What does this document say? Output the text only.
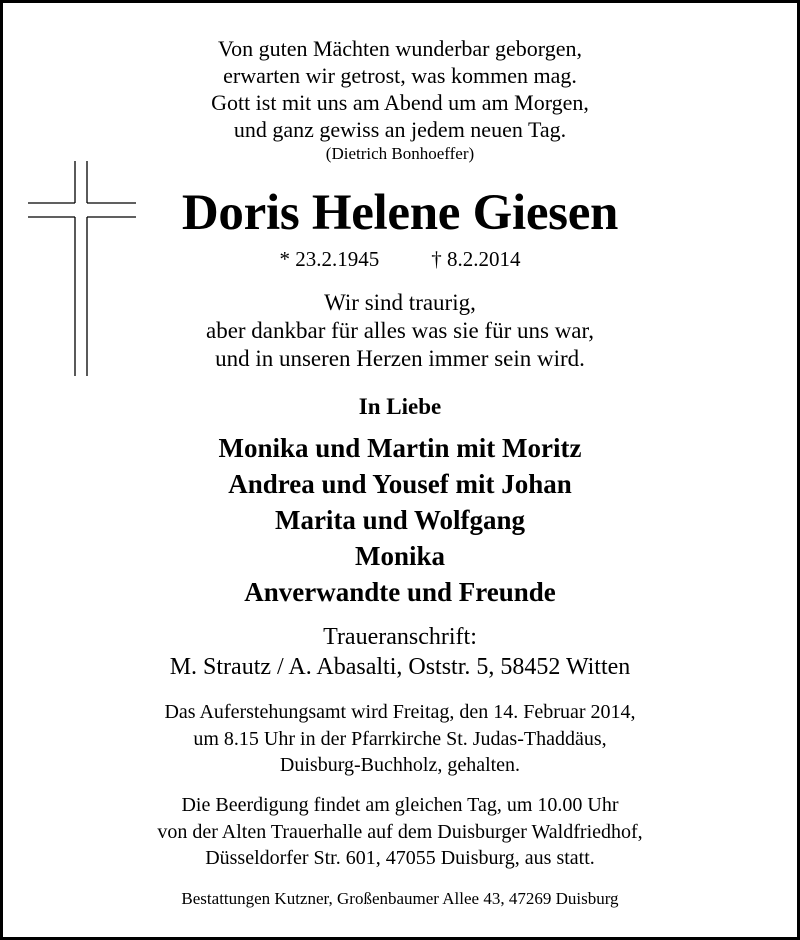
Von guten Mächten wunderbar geborgen,
erwarten wir getrost, was kommen mag.
Gott ist mit uns am Abend um am Morgen,
und ganz gewiss an jedem neuen Tag.
(Dietrich Bonhoeffer)
Doris Helene Giesen
* 23.2.1945 † 8.2.2014
Wir sind traurig,
aber dankbar für alles was sie für uns war,
und in unseren Herzen immer sein wird.
In Liebe
Monika und Martin mit Moritz
Andrea und Yousef mit Johan
Marita und Wolfgang
Monika
Anverwandte und Freunde
Traueranschrift:
M. Strautz / A. Abasalti, Oststr. 5, 58452 Witten
Das Auferstehungsamt wird Freitag, den 14. Februar 2014,
um 8.15 Uhr in der Pfarrkirche St. Judas-Thaddäus,
Duisburg-Buchholz, gehalten.
Die Beerdigung findet am gleichen Tag, um 10.00 Uhr
von der Alten Trauerhalle auf dem Duisburger Waldfriedhof,
Düsseldorfer Str. 601, 47055 Duisburg, aus statt.
Bestattungen Kutzner, Großenbaumer Allee 43, 47269 Duisburg
